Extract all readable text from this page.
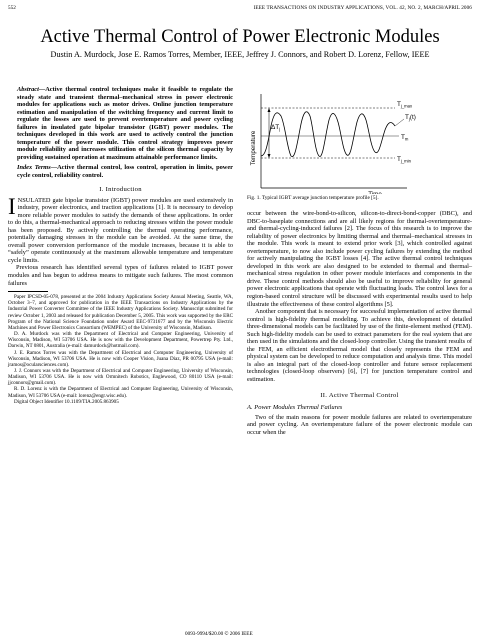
552	IEEE TRANSACTIONS ON INDUSTRY APPLICATIONS, VOL. 42, NO. 2, MARCH/APRIL 2006
Active Thermal Control of Power Electronic Modules
Dustin A. Murdock, Jose E. Ramos Torres, Member, IEEE, Jeffrey J. Connors, and Robert D. Lorenz, Fellow, IEEE
Abstract—Active thermal control techniques make it feasible to regulate the steady state and transient thermal–mechanical stress in power electronic modules for applications such as motor drives. Online junction temperature estimation and manipulation of the switching frequency and current limit to regulate the losses are used to prevent overtemperature and power cycling failures in insulated gate bipolar transistor (IGBT) power modules. The techniques developed in this work are used to actively control the junction temperature of the power module. This control strategy improves power module reliability and increases utilization of the silicon thermal capacity by providing sustained operation at maximum attainable performance limits.
Index Terms—Active thermal control, loss control, operation in limits, power cycle control, reliability control.
I. Introduction

INSULATED gate bipolar transistor (IGBT) power modules are used extensively in industry, power electronics, and traction applications [1]. It is necessary to develop more reliable power modules to satisfy the demands of these applications. In order to do this, a thermal-mechanical approach to reducing stresses within the power module has been proposed. By actively controlling the thermal operating performance, potentially damaging stresses in the module can be avoided. At the same time, the overall power conversion performance of the module increases, because it is able to “safely” operate continuously at the maximum allowable temperature and temperature cycle limits.

Previous research has identified several types of failures related to IGBT power modules and has begun to address means to mitigate such failures. The most common failures

Paper IPCSD-05-078, presented at the 2004 Industry Applications Society Annual Meeting, Seattle, WA, October 3–7, and approved for publication in the IEEE Transactions on Industry Applications by the Industrial Power Converter Committee of the IEEE Industry Applications Society. Manuscript submitted for review October 1, 2003 and released for publication December 5, 2005. This work was supported by the ERC Program of the National Science Foundation under Award EEC-9731677 and by the Wisconsin Electric Machines and Power Electronics Consortium (WEMPEC) of the University of Wisconsin, Madison.
D. A. Murdock was with the Department of Electrical and Computer Engineering, University of Wisconsin, Madison, WI 53706 USA. He is now with the Development Department, Powertrep Pty. Ltd., Darwin, NT 0801, Australia (e-mail: damurdock@hotmail.com).
J. E. Ramos Torres was with the Department of Electrical and Computer Engineering, University of Wisconsin, Madison, WI 53706 USA. He is now with Cooper Vision, Juana Diaz, PR 00795 USA (e-mail: jramos@ocularsciences.com).
J. J. Connors was with the Department of Electrical and Computer Engineering, University of Wisconsin, Madison, WI 53706 USA. He is now with Ormnitech Robotics, Englewood, CO 80110 USA (e-mail: jjconnors@gmail.com).
R. D. Lorenz is with the Department of Electrical and Computer Engineering, University of Wisconsin, Madison, WI 53706 USA (e-mail: lorenz@engr.wisc.edu).
Digital Object Identifier 10.1109/TIA.2005.863905
Temperature
$\Delta T_j$
$T_{j\_max}$
$T_j(t)$
$T_m$
$T_{j\_min}$
Fig. 1. Typical IGBT average junction temperature profile [5].

occur between the wire-bond-to-silicon, silicon-to-direct-bond-copper (DBC), and DBC-to-baseplate connections and are all likely regions for thermal-overtemperature- and thermal-cycling-induced failures [2]. The focus of this research is to improve the reliability of power electronics by limiting thermal and thermal–mechanical stresses in the module. This work is meant to extend prior work [3], which controlled against overtemperature, to now also include power cycling failures by extending the method for actively manipulating the IGBT losses [4]. The active thermal control techniques developed in this work are also designed to be extended to thermal and thermal–mechanical stress regulation in other power module interfaces and components in the drive. These control methods should also be useful to improve reliability for general power electronic applications that operate with fluctuating loads. The control laws for a region-based control structure will be discussed with experimental results used to help illustrate the effectiveness of these control algorithms [5].

Another component that is necessary for successful implementation of active thermal control is high-fidelity thermal modeling. To achieve this, development of detailed three-dimensional models can be facilitated by use of the finite-element method (FEM). Such high-fidelity models can be used to extract parameters for the real system that are then used in the simulations and the closed-loop controller. Using the transient results of the FEM, an efficient electrothermal model that closely represents the FEM and physical system can be developed to reduce computation and analysis time. This model is also an integral part of the closed-loop controller and future sensor replacement technologies (closed-loop observers) [6], [7] for junction temperature control and estimation.

II. Active Thermal Control
A. Power Modules Thermal Failures

Two of the main reasons for power module failures are related to overtemperature and power cycling. An overtemperature failure of the power electronic module can occur when the

0093-9994/$20.00 © 2006 IEEE
